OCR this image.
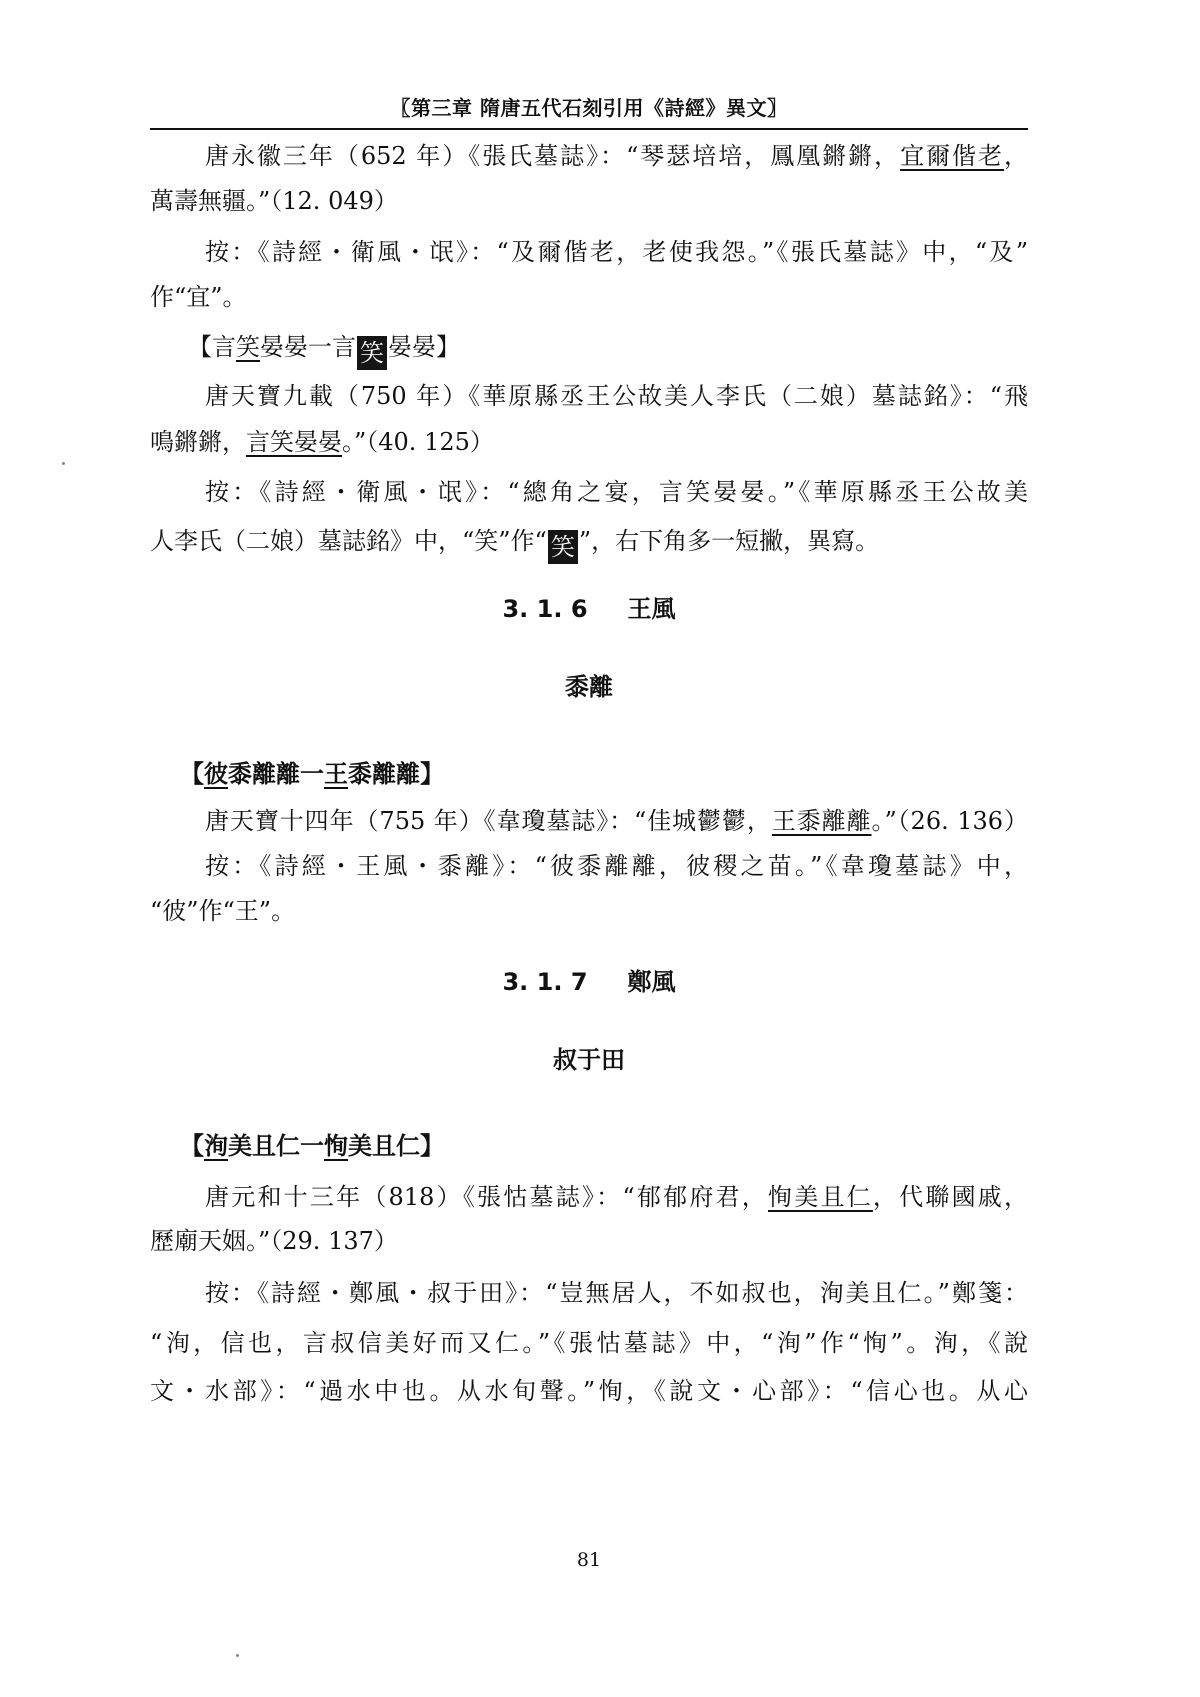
〖第三章 隋唐五代石刻引用《詩經》異文〗
唐永徽三年（652 年）《張氏墓誌》：“琴瑟培培，鳳凰鏘鏘，宜爾偕老，
萬壽無疆。”（12. 049）
按：《詩經・衛風・氓》：“及爾偕老，老使我怨。”《張氏墓誌》中，“及”
作“宜”。
【言笑晏晏一言 笑 晏晏】
唐天寶九載（750 年）《華原縣丞王公故美人李氏（二娘）墓誌銘》：“飛
鳴鏘鏘，言笑晏晏。”（40. 125）
按：《詩經・衛風・氓》：“總角之宴，言笑晏晏。”《華原縣丞王公故美
人李氏（二娘）墓誌銘》中，“笑”作“ 笑 ”，右下角多一短撇，異寫。
3. 1. 6 王風
黍離
【彼黍離離一王黍離離】
唐天寶十四年（755 年）《韋瓊墓誌》：“佳城鬱鬱，王黍離離。”（26. 136）
按：《詩經・王風・黍離》：“彼黍離離，彼稷之苗。”《韋瓊墓誌》中，
“彼”作“王”。
3. 1. 7 鄭風
叔于田
【洵美且仁一恂美且仁】
唐元和十三年（818）《張怙墓誌》：“郁郁府君，恂美且仁，代聯國戚，
歷廟天姻。”（29. 137）
按：《詩經・鄭風・叔于田》：“豈無居人，不如叔也，洵美且仁。”鄭箋：
“洵，信也，言叔信美好而又仁。”《張怙墓誌》中，“洵”作“恂”。洵，《說
文・水部》：“過水中也。从水旬聲。”恂，《說文・心部》：“信心也。从心
81
